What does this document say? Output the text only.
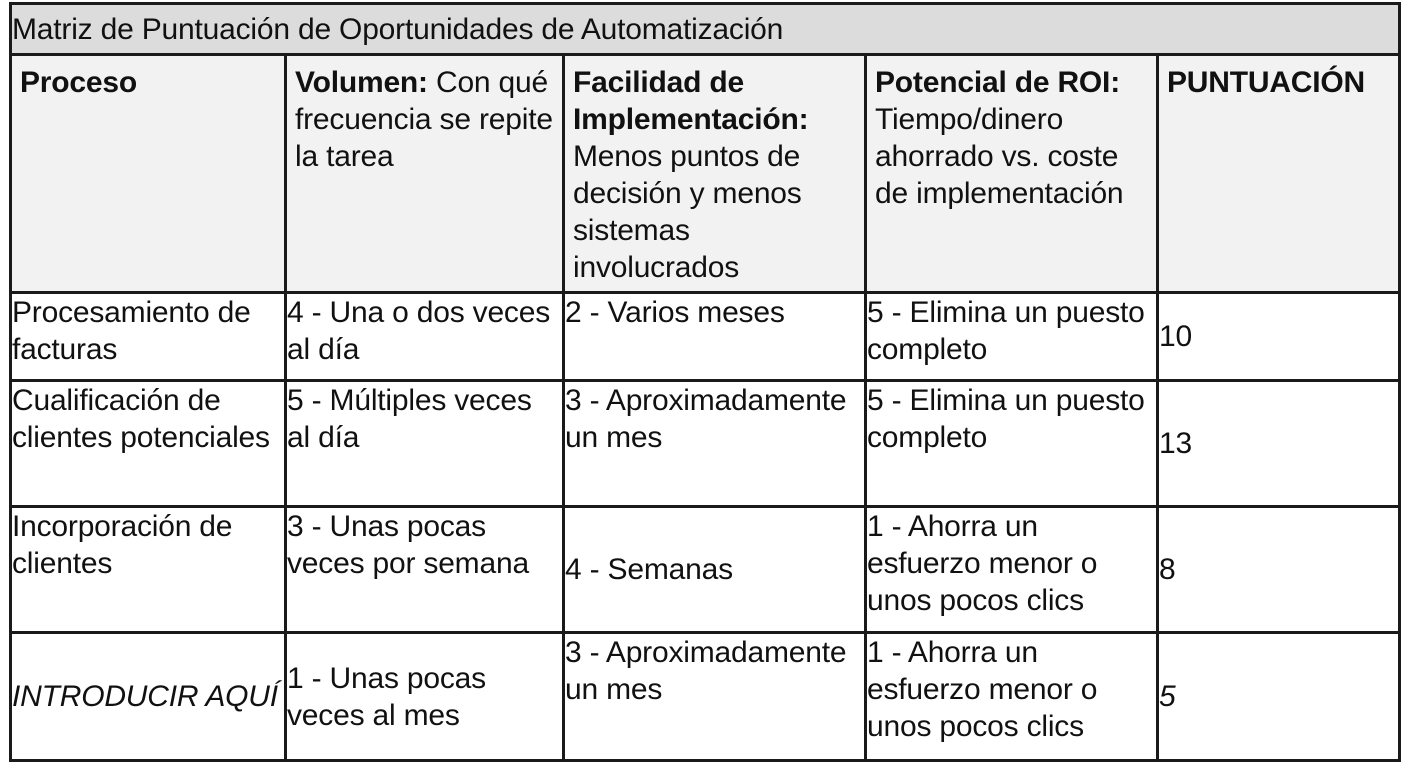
Matriz de Puntuación de Oportunidades de Automatización				
Proceso	Volumen: Con qué frecuencia se repite la tarea	Facilidad de Implementación: Menos puntos de decisión y menos sistemas involucrados	Potencial de ROI: Tiempo/dinero ahorrado vs. coste de implementación	PUNTUACIÓN
Procesamiento de facturas	4 - Una o dos veces al día	2 - Varios meses	5 - Elimina un puesto completo	10
Cualificación de clientes potenciales	5 - Múltiples veces al día	3 - Aproximadamente un mes	5 - Elimina un puesto completo	13
Incorporación de clientes	3 - Unas pocas veces por semana	4 - Semanas	1 - Ahorra un esfuerzo menor o unos pocos clics	8
INTRODUCIR AQUÍ	1 - Unas pocas veces al mes	3 - Aproximadamente un mes	1 - Ahorra un esfuerzo menor o unos pocos clics	5
